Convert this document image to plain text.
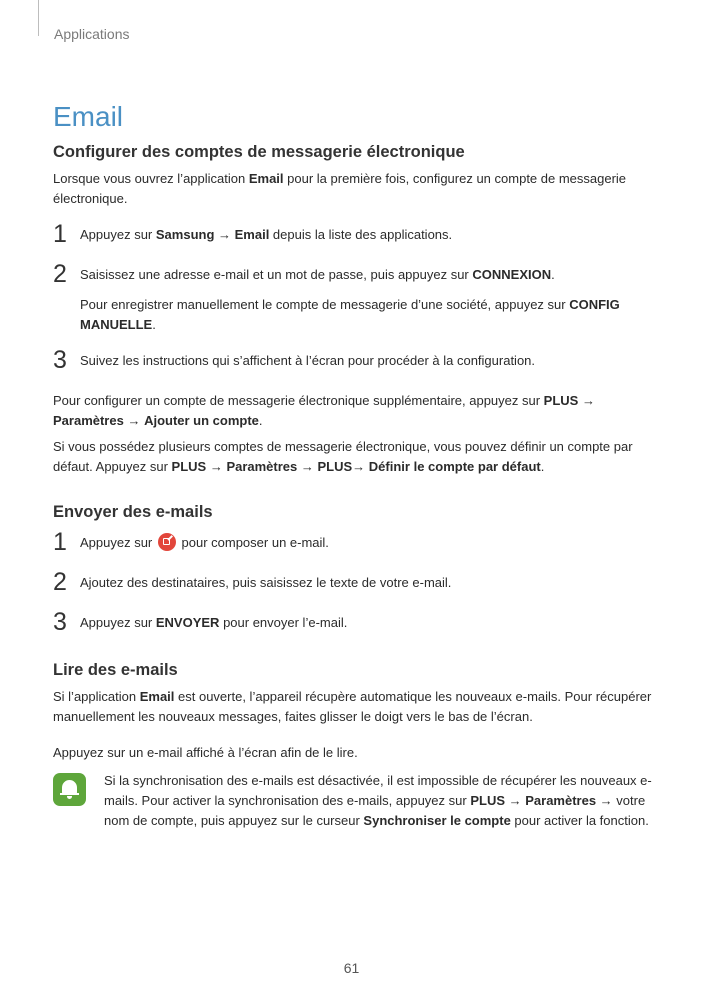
Applications
Email
Configurer des comptes de messagerie électronique

Lorsque vous ouvrez l’application Email pour la première fois, configurez un compte de messagerie électronique.

1 Appuyez sur Samsung → Email depuis la liste des applications.

2 Saisissez une adresse e-mail et un mot de passe, puis appuyez sur CONNEXION.

Pour enregistrer manuellement le compte de messagerie d’une société, appuyez sur CONFIG MANUELLE.

3 Suivez les instructions qui s’affichent à l’écran pour procéder à la configuration.

Pour configurer un compte de messagerie électronique supplémentaire, appuyez sur PLUS → Paramètres → Ajouter un compte.

Si vous possédez plusieurs comptes de messagerie électronique, vous pouvez définir un compte par défaut. Appuyez sur PLUS → Paramètres → PLUS→ Définir le compte par défaut.

Envoyer des e-mails
1 Appuyez sur pour composer un e-mail.

2 Ajoutez des destinataires, puis saisissez le texte de votre e-mail.

3 Appuyez sur ENVOYER pour envoyer l’e-mail.

Lire des e-mails

Si l’application Email est ouverte, l’appareil récupère automatique les nouveaux e-mails. Pour récupérer manuellement les nouveaux messages, faites glisser le doigt vers le bas de l’écran.

Appuyez sur un e-mail affiché à l’écran afin de le lire.

Si la synchronisation des e-mails est désactivée, il est impossible de récupérer les nouveaux e-mails. Pour activer la synchronisation des e-mails, appuyez sur PLUS → Paramètres → votre nom de compte, puis appuyez sur le curseur Synchroniser le compte pour activer la fonction.

61
